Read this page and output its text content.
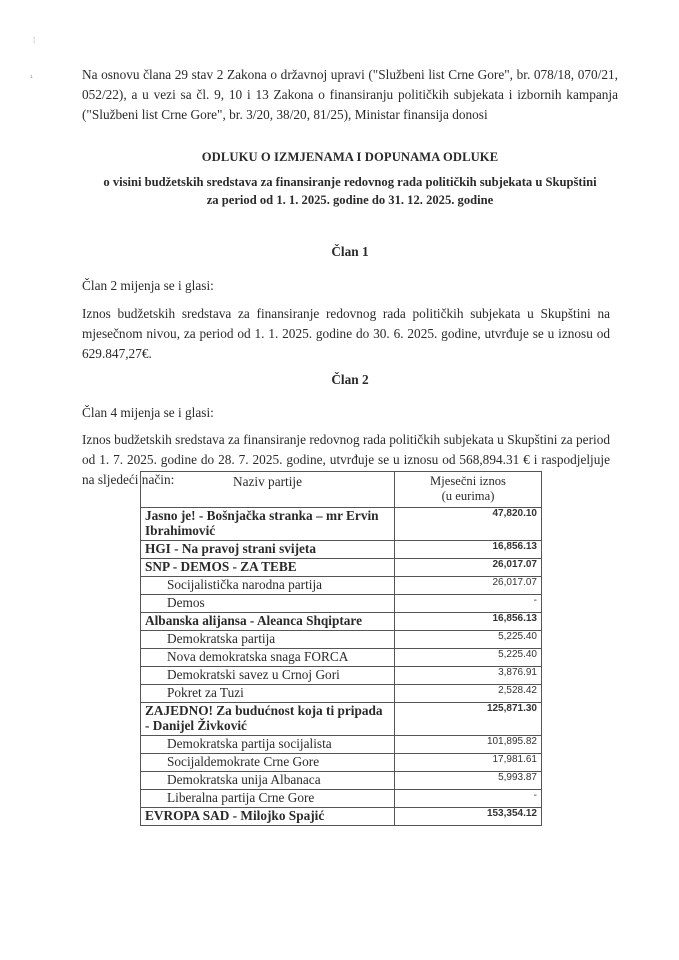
⁞
¹	Na osnovu člana 29 stav 2 Zakona o državnoj upravi ("Službeni list Crne Gore", br. 078/18, 070/21, 052/22), a u vezi sa čl. 9, 10 i 13 Zakona o finansiranju političkih subjekata i izbornih kampanja ("Službeni list Crne Gore", br. 3/20, 38/20, 81/25), Ministar finansija donosi
ODLUKU O IZMJENAMA I DOPUNAMA ODLUKE
o visini budžetskih sredstava za finansiranje redovnog rada političkih subjekata u Skupštini
za period od 1. 1. 2025. godine do 31. 12. 2025. godine
Član 1
Član 2 mijenja se i glasi:
Iznos budžetskih sredstava za finansiranje redovnog rada političkih subjekata u Skupštini na mjesečnom nivou, za period od 1. 1. 2025. godine do 30. 6. 2025. godine, utvrđuje se u iznosu od 629.847,27€.
Član 2
Član 4 mijenja se i glasi:
Iznos budžetskih sredstava za finansiranje redovnog rada političkih subjekata u Skupštini za period od 1. 7. 2025. godine do 28. 7. 2025. godine, utvrđuje se u iznosu od 568,894.31 € i raspodjeljuje na sljedeći način:	Naziv partije	Mjesečni iznos
(u eurima)

Jasno je! - Bošnjačka stranka – mr Ervin Ibrahimović	47,820.10
HGI - Na pravoj strani svijeta	16,856.13
SNP - DEMOS - ZA TEBE	26,017.07
Socijalistička narodna partija	26,017.07
Demos	-
Albanska alijansa - Aleanca Shqiptare	16,856.13
Demokratska partija	5,225.40
Nova demokratska snaga FORCA	5,225.40
Demokratski savez u Crnoj Gori	3,876.91
Pokret za Tuzi	2,528.42
ZAJEDNO! Za budućnost koja ti pripada - Danijel Živković	125,871.30
Demokratska partija socijalista	101,895.82
Socijaldemokrate Crne Gore	17,981.61
Demokratska unija Albanaca	5,993.87
Liberalna partija Crne Gore	-
EVROPA SAD - Milojko Spajić	153,354.12
